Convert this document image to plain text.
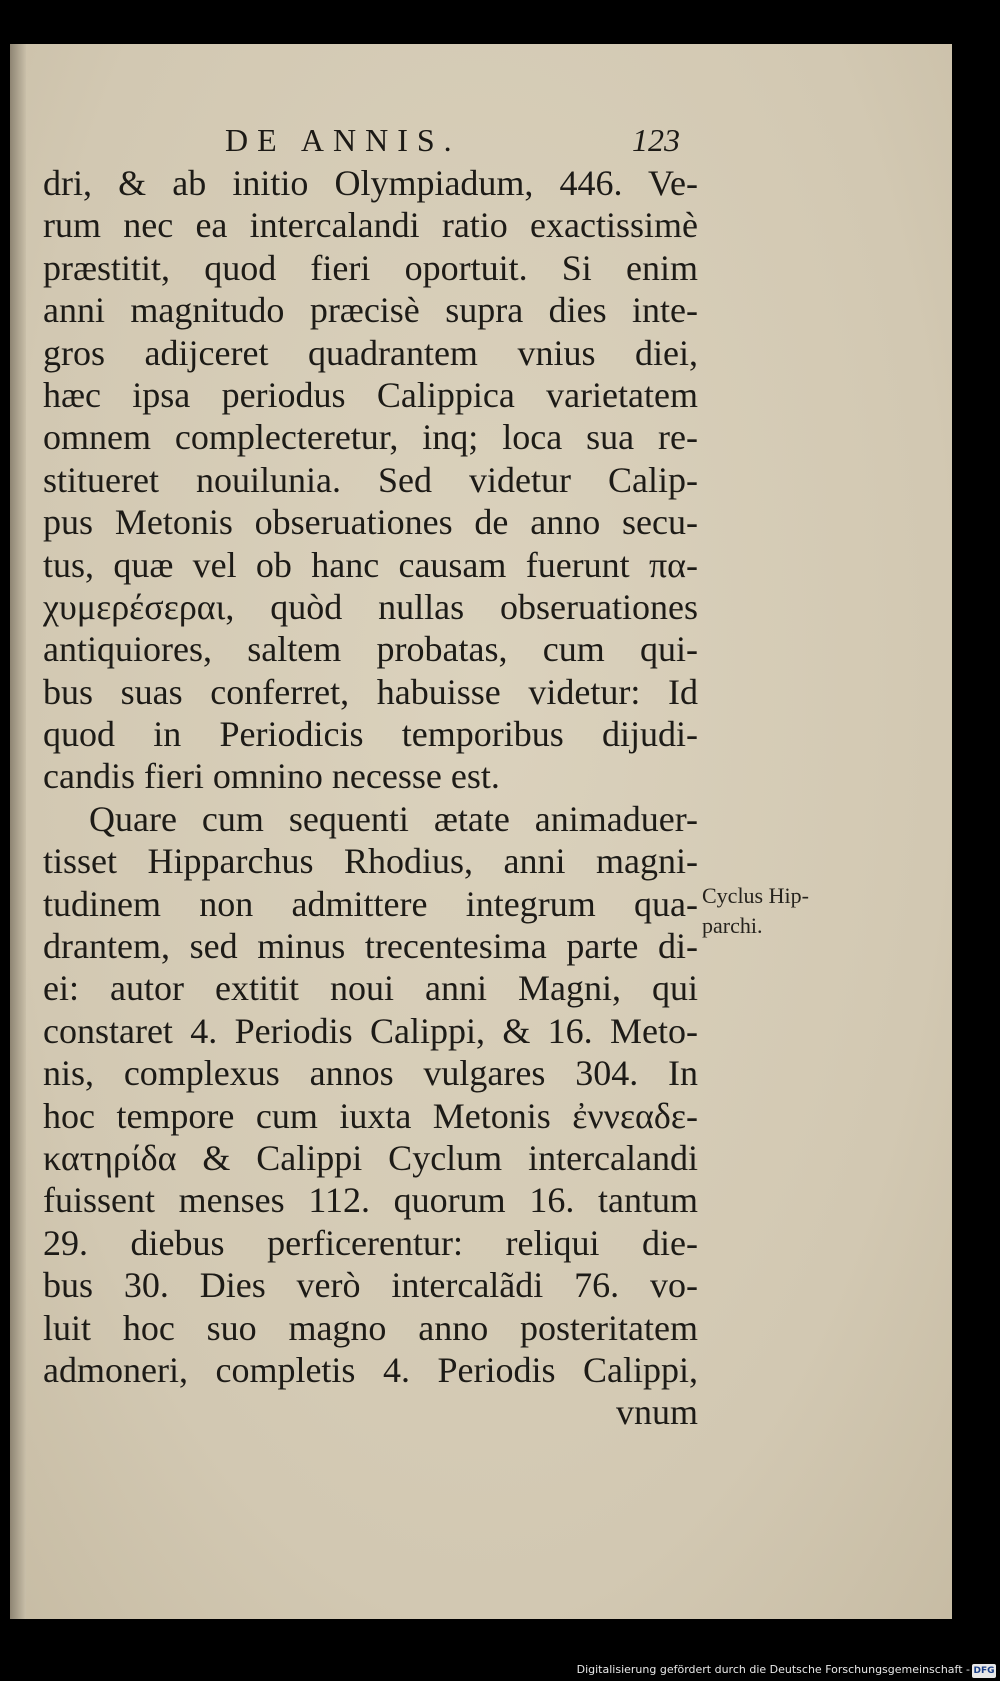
DE ANNIS.	123
dri, & ab initio Olympiadum, 446. Ve-
rum nec ea intercalandi ratio exactissimè
præstitit, quod fieri oportuit. Si enim
anni magnitudo præcisè supra dies inte-
gros adijceret quadrantem vnius diei,
hæc ipsa periodus Calippica varietatem
omnem complecteretur, inq; loca sua re-
stitueret nouilunia. Sed videtur Calip-
pus Metonis obseruationes de anno secu-
tus, quæ vel ob hanc causam fuerunt πα-
χυμερέσεραι, quòd nullas obseruationes
antiquiores, saltem probatas, cum qui-
bus suas conferret, habuisse videtur: Id
quod in Periodicis temporibus dijudi-
candis fieri omnino necesse est.
Quare cum sequenti ætate animaduer-
tisset Hipparchus Rhodius, anni magni-
tudinem non admittere integrum qua-
drantem, sed minus trecentesima parte di-
ei: autor extitit noui anni Magni, qui
constaret 4. Periodis Calippi, & 16. Meto-
nis, complexus annos vulgares 304. In
hoc tempore cum iuxta Metonis ἐννεαδε-
κατηρίδα & Calippi Cyclum intercalandi
fuissent menses 112. quorum 16. tantum
29. diebus perficerentur: reliqui die-
bus 30. Dies verò intercalãdi 76. vo-
luit hoc suo magno anno posteritatem
admoneri, completis 4. Periodis Calippi,
vnum
Cyclus Hip-
parchi.
Digitalisierung gefördert durch die Deutsche Forschungsgemeinschaft - DFG
